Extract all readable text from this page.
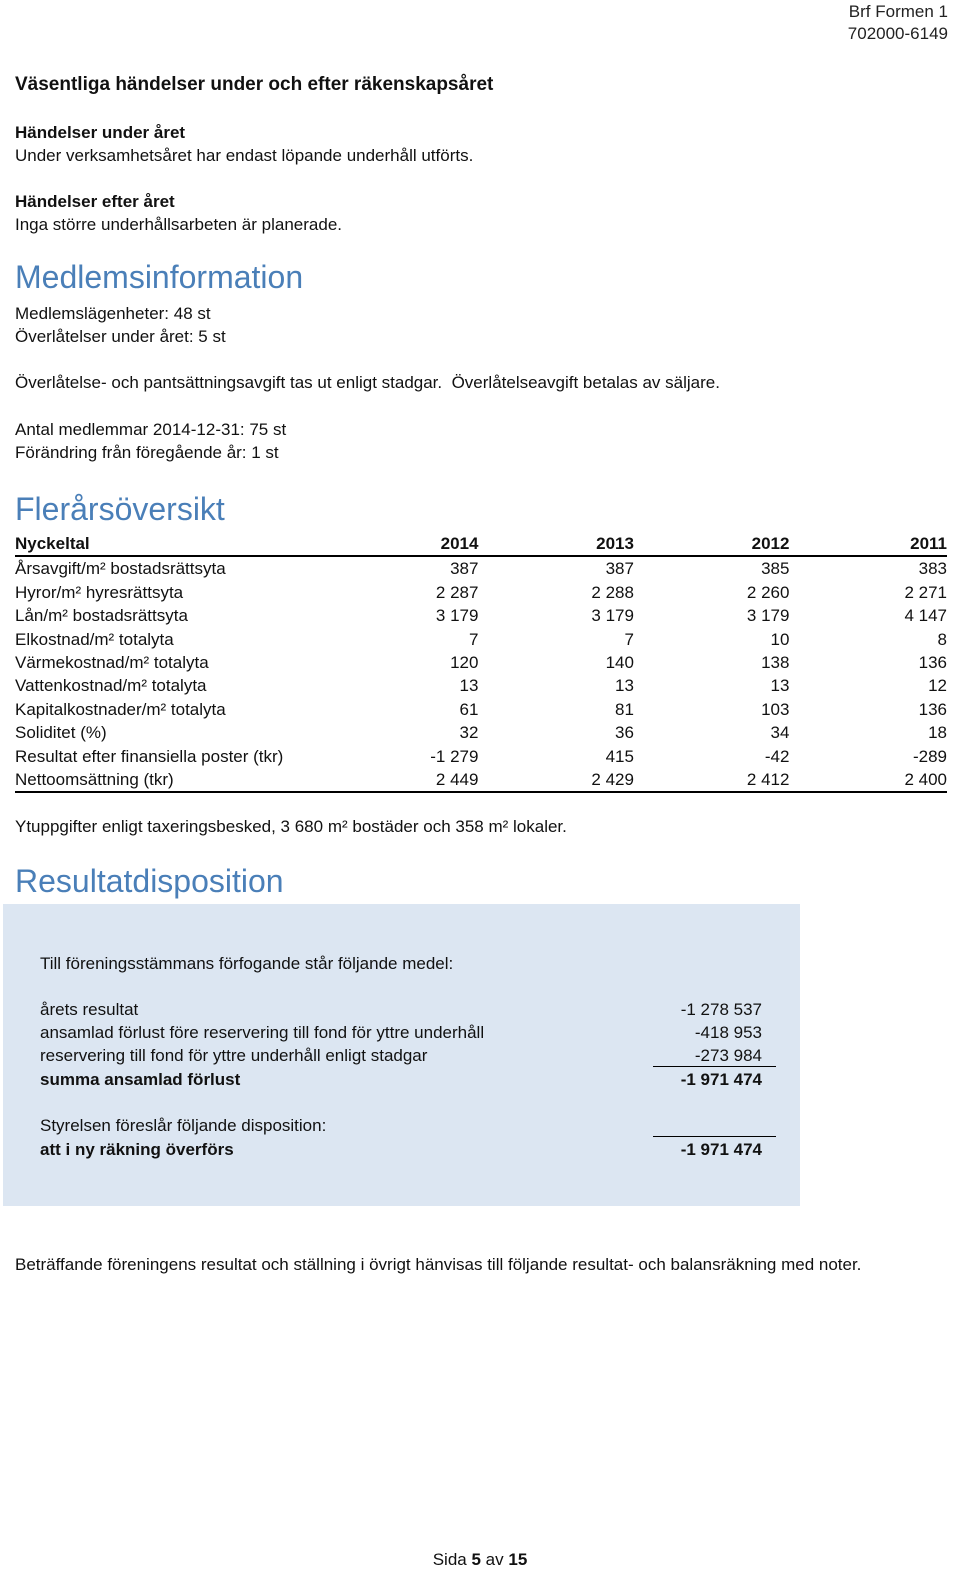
Brf Formen 1
702000-6149
Väsentliga händelser under och efter räkenskapsåret
Händelser under året
Under verksamhetsåret har endast löpande underhåll utförts.
Händelser efter året
Inga större underhållsarbeten är planerade.
Medlemsinformation
Medlemslägenheter: 48 st
Överlåtelser under året: 5 st
Överlåtelse- och pantsättningsavgift tas ut enligt stadgar.  Överlåtelseavgift betalas av säljare.
Antal medlemmar 2014-12-31: 75 st
Förändring från föregående år: 1 st
Flerårsöversikt
Nyckeltal	2014	2013	2012	2011
Årsavgift/m² bostadsrättsyta	387	387	385	383
Hyror/m² hyresrättsyta	2 287	2 288	2 260	2 271
Lån/m² bostadsrättsyta	3 179	3 179	3 179	4 147
Elkostnad/m² totalyta	7	7	10	8
Värmekostnad/m² totalyta	120	140	138	136
Vattenkostnad/m² totalyta	13	13	13	12
Kapitalkostnader/m² totalyta	61	81	103	136
Soliditet (%)	32	36	34	18
Resultat efter finansiella poster (tkr)	-1 279	415	-42	-289
Nettoomsättning (tkr)	2 449	2 429	2 412	2 400
Ytuppgifter enligt taxeringsbesked, 3 680 m² bostäder och 358 m² lokaler.
Resultatdisposition
Till föreningsstämmans förfogande står följande medel:
årets resultat	-1 278 537
ansamlad förlust före reservering till fond för yttre underhåll	-418 953
reservering till fond för yttre underhåll enligt stadgar	-273 984
summa ansamlad förlust	-1 971 474
Styrelsen föreslår följande disposition:
att i ny räkning överförs	-1 971 474
Beträffande föreningens resultat och ställning i övrigt hänvisas till följande resultat- och balansräkning med noter.
Sida 5 av 15
